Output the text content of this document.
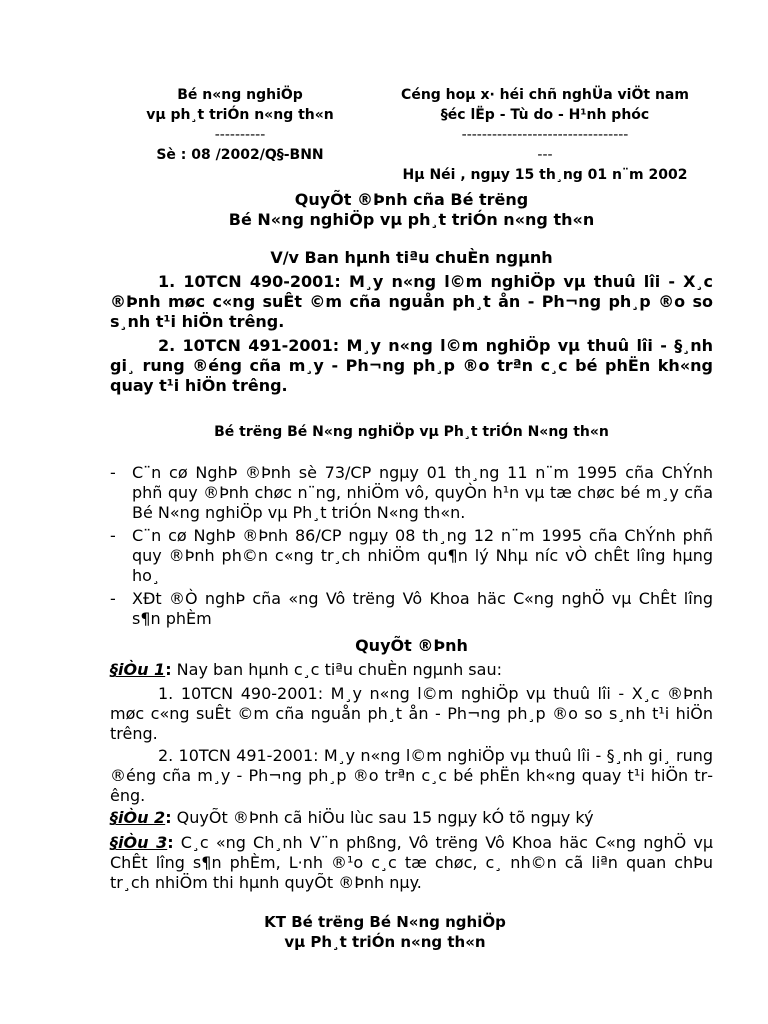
Bé n«ng nghiÖp
vµ ph¸t triÓn n«ng th«n
----------
Sè : 08 /2002/Q§-BNN
Céng hoµ x· héi chñ nghÜa viÖt nam
§éc lËp - Tù do - H¹nh phóc
---------------------------------
---
Hµ Néi , ngµy 15 th¸ng 01 n¨m 2002
QuyÕt ®Þnh cña Bé trëng
Bé N«ng nghiÖp vµ ph¸t triÓn n«ng th«n
V/v Ban hµnh tiªu chuÈn ngµnh
1. 10TCN 490-2001: M¸y n«ng l©m nghiÖp vµ thuû lîi - X¸c ®Þnh møc c«ng suÊt ©m cña nguån ph¸t ån - Ph¬ng ph¸p ®o so s¸nh t¹i hiÖn trêng.
2. 10TCN 491-2001: M¸y n«ng l©m nghiÖp vµ thuû lîi - §¸nh gi¸ rung ®éng cña m¸y - Ph¬ng ph¸p ®o trªn c¸c bé phËn kh«ng quay t¹i hiÖn trêng.
Bé trëng Bé N«ng nghiÖp vµ Ph¸t triÓn N«ng th«n
- C¨n cø NghÞ ®Þnh sè 73/CP ngµy 01 th¸ng 11 n¨m 1995 cña ChÝnh phñ quy ®Þnh chøc n¨ng, nhiÖm vô, quyÒn h¹n vµ tæ chøc bé m¸y cña Bé N«ng nghiÖp vµ Ph¸t triÓn N«ng th«n.
- C¨n cø NghÞ ®Þnh 86/CP ngµy 08 th¸ng 12 n¨m 1995 cña ChÝnh phñ quy ®Þnh ph©n c«ng tr¸ch nhiÖm qu¶n lý Nhµ níc vÒ chÊt lîng hµng ho¸
- XÐt ®Ò nghÞ cña «ng Vô trëng Vô Khoa häc C«ng nghÖ vµ ChÊt lîng s¶n phÈm
QuyÕt ®Þnh
§iÒu 1: Nay ban hµnh c¸c tiªu chuÈn ngµnh sau:
1. 10TCN 490-2001: M¸y n«ng l©m nghiÖp vµ thuû lîi - X¸c ®Þnh møc c«ng suÊt ©m cña nguån ph¸t ån - Ph¬ng ph¸p ®o so s¸nh t¹i hiÖn trêng.
2. 10TCN 491-2001: M¸y n«ng l©m nghiÖp vµ thuû lîi - §¸nh gi¸ rung ®éng cña m¸y - Ph¬ng ph¸p ®o trªn c¸c bé phËn kh«ng quay t¹i hiÖn trêng.
§iÒu 2: QuyÕt ®Þnh cã hiÖu lùc sau 15 ngµy kÓ tõ ngµy ký
§iÒu 3: C¸c «ng Ch¸nh V¨n phßng, Vô trëng Vô Khoa häc C«ng nghÖ vµ ChÊt lîng s¶n phÈm, L·nh ®¹o c¸c tæ chøc, c¸ nh©n cã liªn quan chÞu tr¸ch nhiÖm thi hµnh quyÕt ®Þnh nµy.
KT Bé trëng Bé N«ng nghiÖp
vµ Ph¸t triÓn n«ng th«n
